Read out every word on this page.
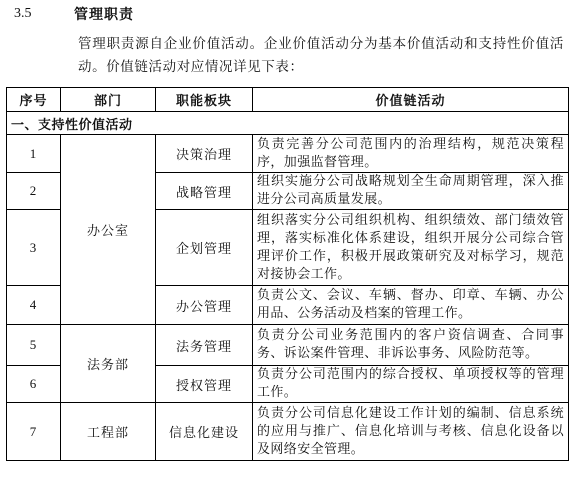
3.5	管理职责
管理职责源自企业价值活动。企业价值活动分为基本价值活动和支持性价值活动。价值链活动对应情况详见下表：
序号	部门	职能板块	价值链活动
一、支持性价值活动			
1	办公室	决策治理	负责完善分公司范围内的治理结构，规范决策程序，加强监督管理。
2		战略管理	组织实施分公司战略规划全生命周期管理，深入推进分公司高质量发展。
3		企划管理	组织落实分公司组织机构、组织绩效、部门绩效管理，落实标准化体系建设，组织开展分公司综合管理评价工作，积极开展政策研究及对标学习，规范对接协会工作。
4		办公管理	负责公文、会议、车辆、督办、印章、车辆、办公用品、公务活动及档案的管理工作。
5	法务部	法务管理	负责分公司业务范围内的客户资信调查、合同事务、诉讼案件管理、非诉讼事务、风险防范等。
6		授权管理	负责分公司范围内的综合授权、单项授权等的管理工作。
7	工程部	信息化建设	负责分公司信息化建设工作计划的编制、信息系统的应用与推广、信息化培训与考核、信息化设备以及网络安全管理。
